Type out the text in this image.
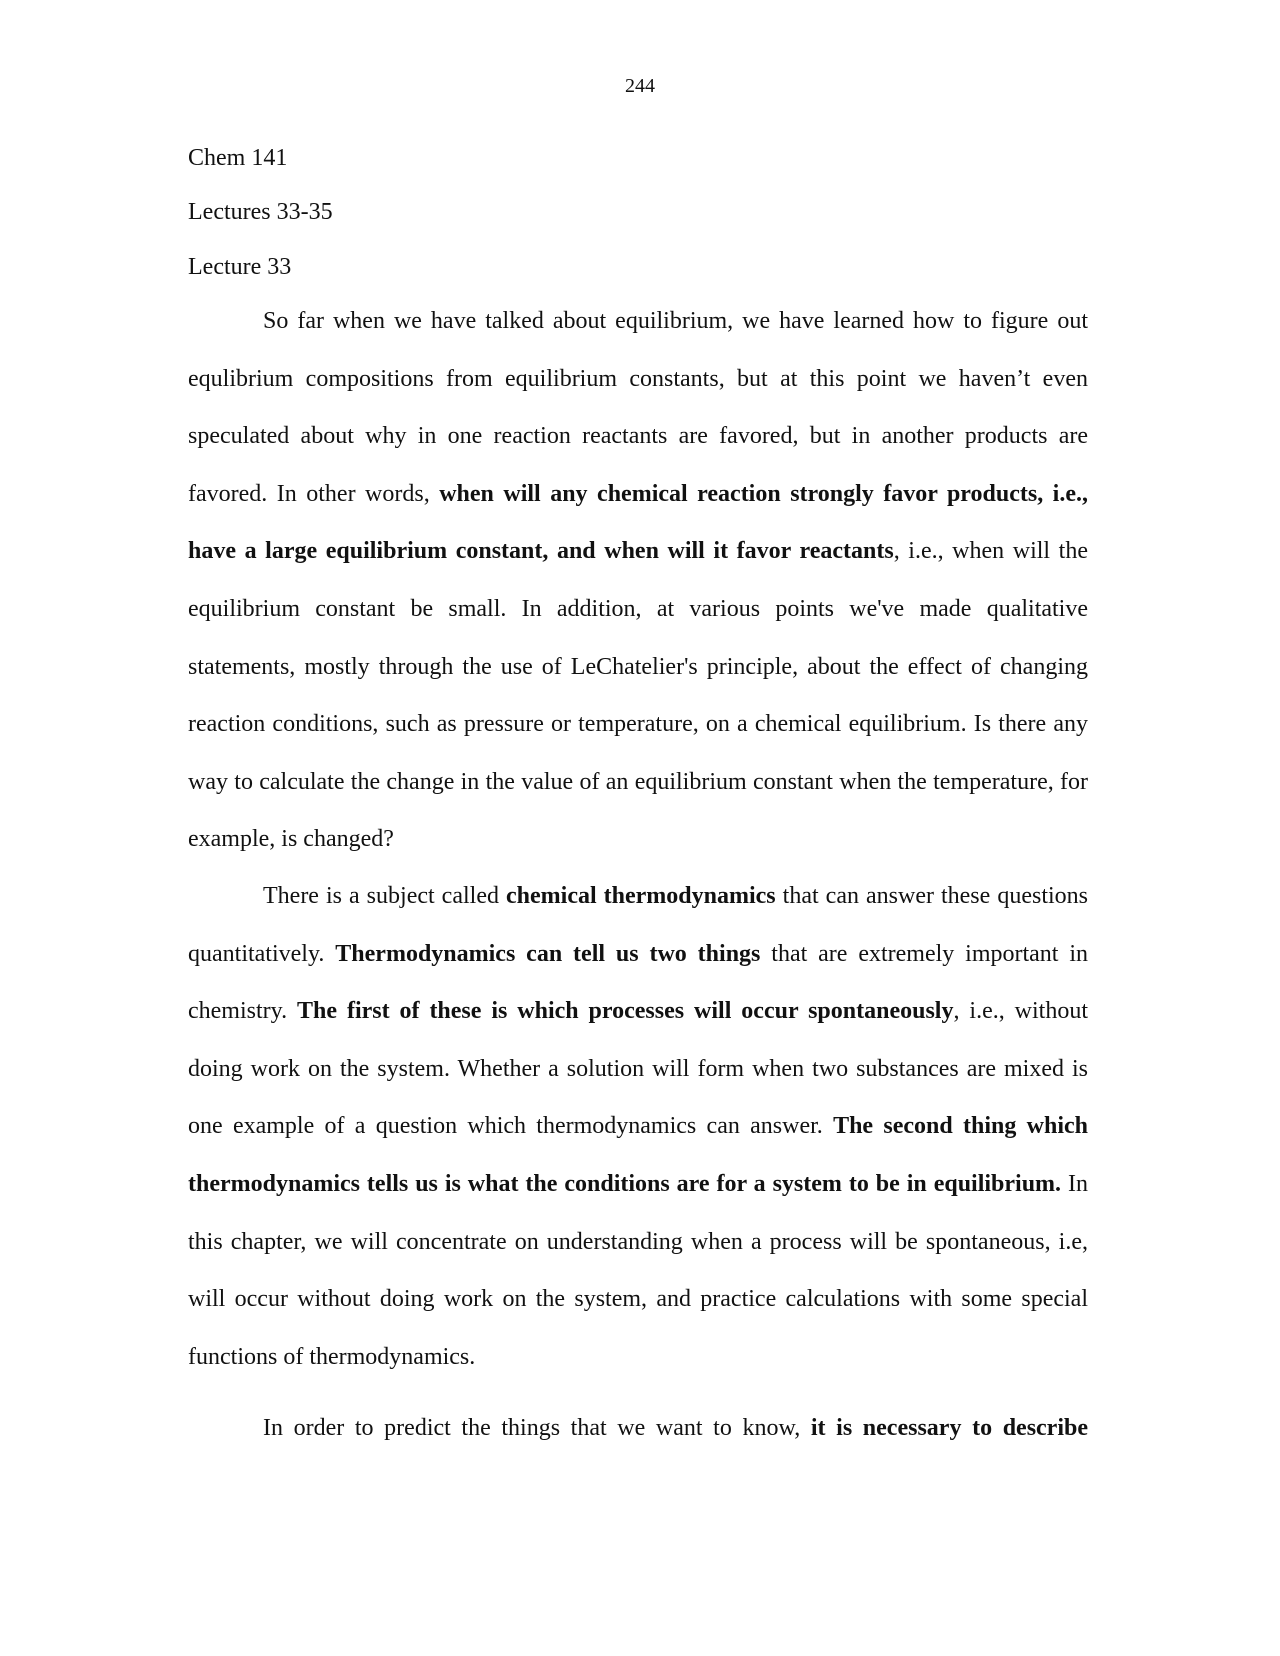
244
Chem 141
Lectures 33-35
Lecture 33

So far when we have talked about equilibrium, we have learned how to figure out equlibrium compositions from equilibrium constants, but at this point we haven’t even speculated about why in one reaction reactants are favored, but in another products are favored. In other words, when will any chemical reaction strongly favor products, i.e., have a large equilibrium constant, and when will it favor reactants, i.e., when will the equilibrium constant be small. In addition, at various points we've made qualitative statements, mostly through the use of LeChatelier's principle, about the effect of changing reaction conditions, such as pressure or temperature, on a chemical equilibrium. Is there any way to calculate the change in the value of an equilibrium constant when the temperature, for example, is changed?

There is a subject called chemical thermodynamics that can answer these questions quantitatively. Thermodynamics can tell us two things that are extremely important in chemistry. The first of these is which processes will occur spontaneously, i.e., without doing work on the system. Whether a solution will form when two substances are mixed is one example of a question which thermodynamics can answer. The second thing which thermodynamics tells us is what the conditions are for a system to be in equilibrium. In this chapter, we will concentrate on understanding when a process will be spontaneous, i.e, will occur without doing work on the system, and practice calculations with some special functions of thermodynamics.

In order to predict the things that we want to know, it is necessary to describe
